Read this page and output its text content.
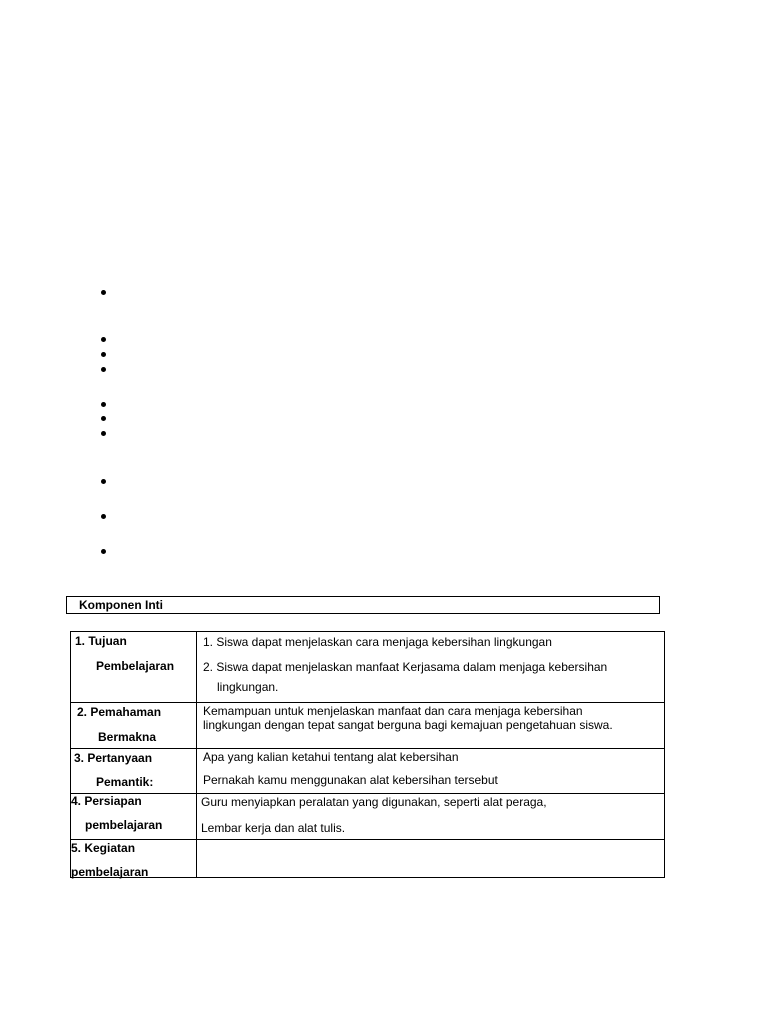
Komponen Inti
1. Tujuan
Pembelajaran
1. Siswa dapat menjelaskan cara menjaga kebersihan lingkungan
2. Siswa dapat menjelaskan manfaat Kerjasama dalam menjaga kebersihan
lingkungan.
2. Pemahaman
Bermakna
Kemampuan untuk menjelaskan manfaat dan cara menjaga kebersihan
lingkungan dengan tepat sangat berguna bagi kemajuan pengetahuan siswa.
3. Pertanyaan
Pemantik:
Apa yang kalian ketahui tentang alat kebersihan
Pernakah kamu menggunakan alat kebersihan tersebut
4. Persiapan
pembelajaran
Guru menyiapkan peralatan yang digunakan, seperti alat peraga,
Lembar kerja dan alat tulis.
5. Kegiatan
pembelajaran
